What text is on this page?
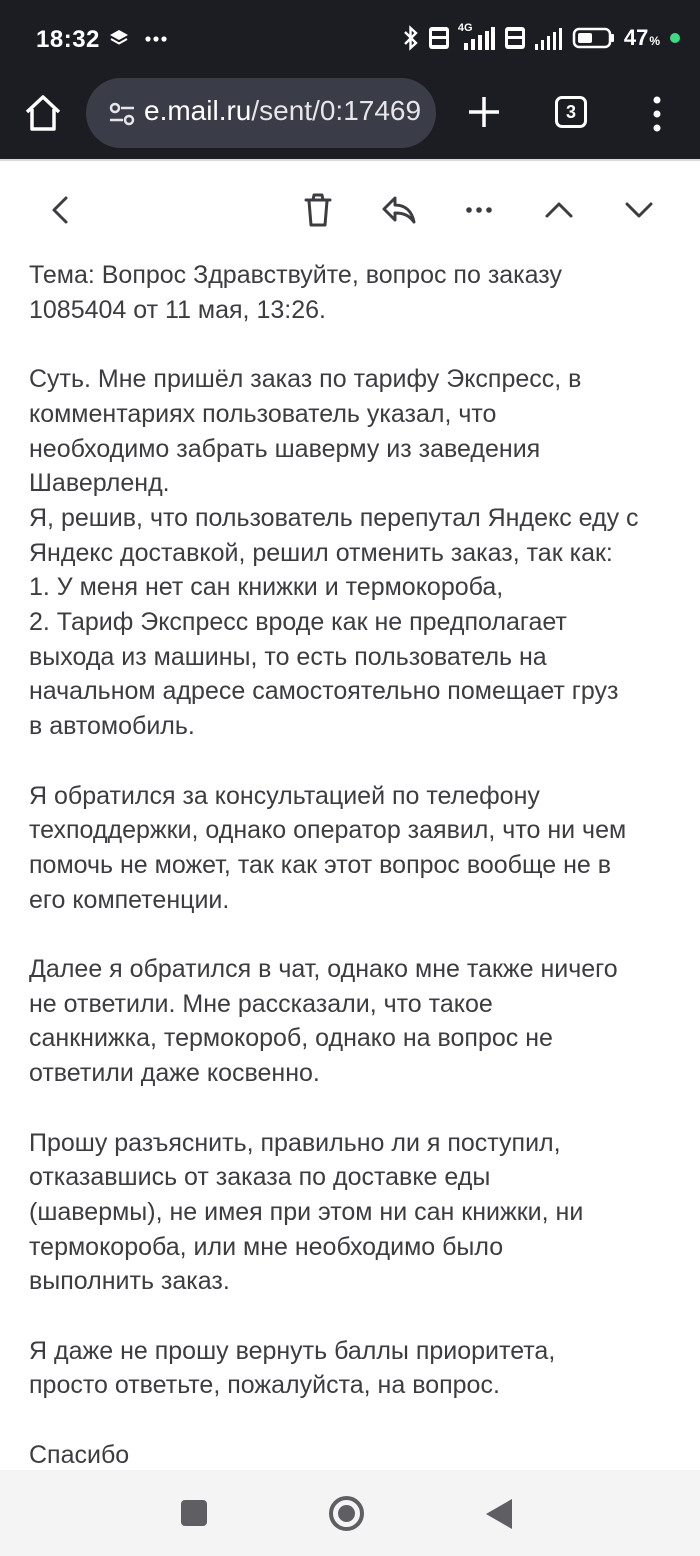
18:32	4G	47%
e.mail.ru/sent/0:17469	3

Тема: Вопрос Здравствуйте, вопрос по заказу
1085404 от 11 мая, 13:26.

Суть. Мне пришёл заказ по тарифу Экспресс, в
комментариях пользователь указал, что
необходимо забрать шаверму из заведения
Шаверленд.
Я, решив, что пользователь перепутал Яндекс еду с
Яндекс доставкой, решил отменить заказ, так как:
1. У меня нет сан книжки и термокороба,
2. Тариф Экспресс вроде как не предполагает
выхода из машины, то есть пользователь на
начальном адресе самостоятельно помещает груз
в автомобиль.

Я обратился за консультацией по телефону
техподдержки, однако оператор заявил, что ни чем
помочь не может, так как этот вопрос вообще не в
его компетенции.

Далее я обратился в чат, однако мне также ничего
не ответили. Мне рассказали, что такое
санкнижка, термокороб, однако на вопрос не
ответили даже косвенно.

Прошу разъяснить, правильно ли я поступил,
отказавшись от заказа по доставке еды
(шавермы), не имея при этом ни сан книжки, ни
термокороба, или мне необходимо было
выполнить заказ.

Я даже не прошу вернуть баллы приоритета,
просто ответьте, пожалуйста, на вопрос.

Спасибо
